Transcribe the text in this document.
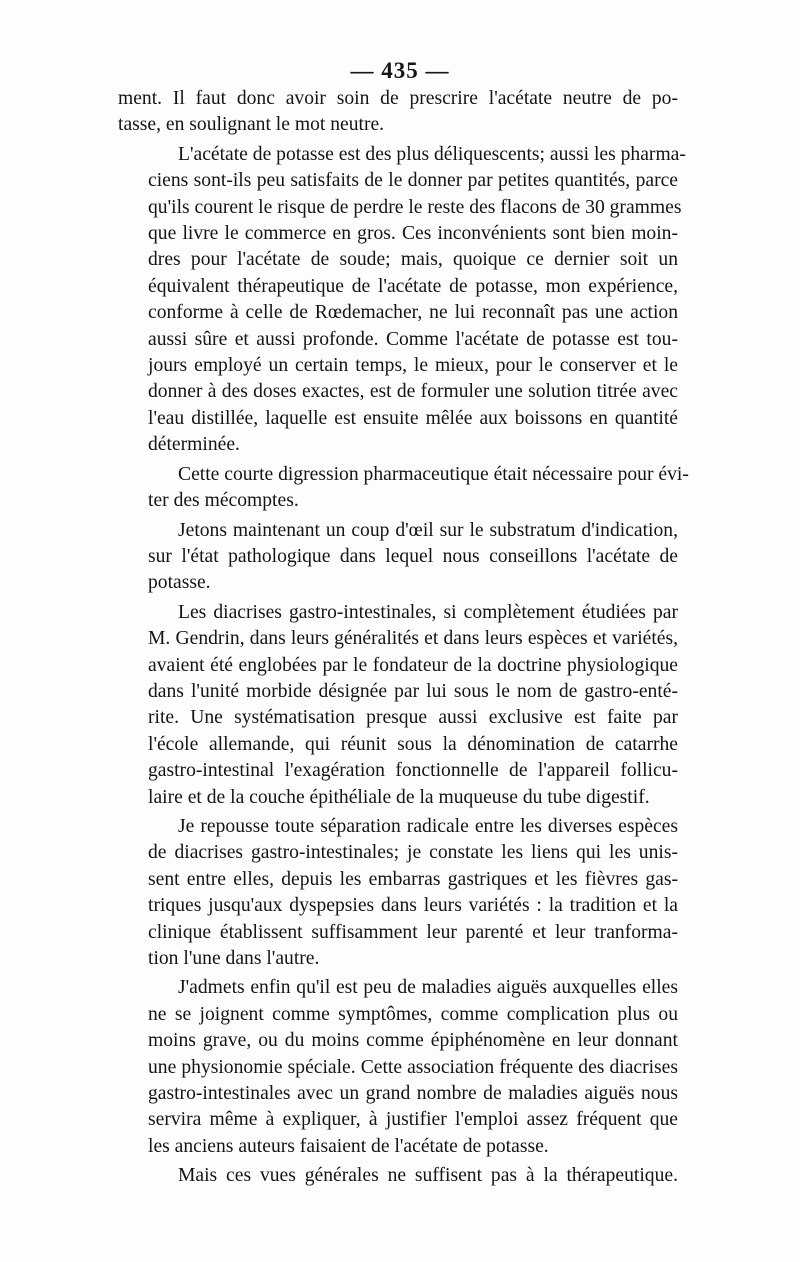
— 435 —
ment. Il faut donc avoir soin de prescrire l'acétate neutre de po-
tasse, en soulignant le mot neutre.
L'acétate de potasse est des plus déliquescents; aussi les pharma-
ciens sont-ils peu satisfaits de le donner par petites quantités, parce
qu'ils courent le risque de perdre le reste des flacons de 30 grammes
que livre le commerce en gros. Ces inconvénients sont bien moin-
dres pour l'acétate de soude; mais, quoique ce dernier soit un
équivalent thérapeutique de l'acétate de potasse, mon expérience,
conforme à celle de Rœdemacher, ne lui reconnaît pas une action
aussi sûre et aussi profonde. Comme l'acétate de potasse est tou-
jours employé un certain temps, le mieux, pour le conserver et le
donner à des doses exactes, est de formuler une solution titrée avec
l'eau distillée, laquelle est ensuite mêlée aux boissons en quantité
déterminée.
Cette courte digression pharmaceutique était nécessaire pour évi-
ter des mécomptes.
Jetons maintenant un coup d'œil sur le substratum d'indication,
sur l'état pathologique dans lequel nous conseillons l'acétate de
potasse.
Les diacrises gastro-intestinales, si complètement étudiées par
M. Gendrin, dans leurs généralités et dans leurs espèces et variétés,
avaient été englobées par le fondateur de la doctrine physiologique
dans l'unité morbide désignée par lui sous le nom de gastro-enté-
rite. Une systématisation presque aussi exclusive est faite par
l'école allemande, qui réunit sous la dénomination de catarrhe
gastro-intestinal l'exagération fonctionnelle de l'appareil follicu-
laire et de la couche épithéliale de la muqueuse du tube digestif.
Je repousse toute séparation radicale entre les diverses espèces
de diacrises gastro-intestinales; je constate les liens qui les unis-
sent entre elles, depuis les embarras gastriques et les fièvres gas-
triques jusqu'aux dyspepsies dans leurs variétés : la tradition et la
clinique établissent suffisamment leur parenté et leur tranforma-
tion l'une dans l'autre.
J'admets enfin qu'il est peu de maladies aiguës auxquelles elles
ne se joignent comme symptômes, comme complication plus ou
moins grave, ou du moins comme épiphénomène en leur donnant
une physionomie spéciale. Cette association fréquente des diacrises
gastro-intestinales avec un grand nombre de maladies aiguës nous
servira même à expliquer, à justifier l'emploi assez fréquent que
les anciens auteurs faisaient de l'acétate de potasse.
Mais ces vues générales ne suffisent pas à la thérapeutique.
